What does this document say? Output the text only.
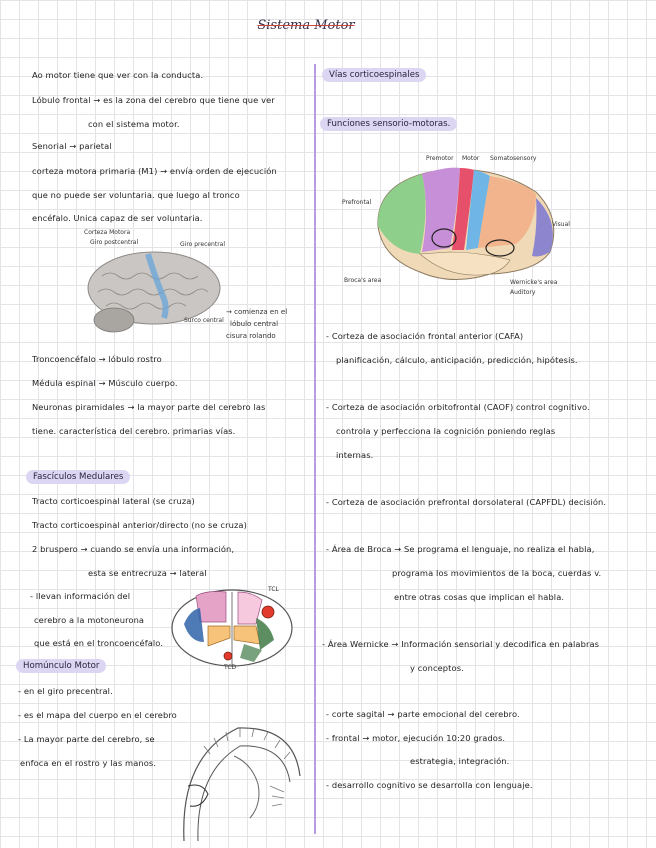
Sistema Motor
Ao motor tiene que ver con la conducta.
Lóbulo frontal → es la zona del cerebro que tiene que ver
con el sistema motor.
Senorial → parietal
corteza motora primaria (M1) → envía orden de ejecución
que no puede ser voluntaria. que luego al tronco
encéfalo. Unica capaz de ser voluntaria.
Corteza Motora
Giro postcentral	Giro precentral
Surco central
→ comienza en el
lóbulo central
cisura rolando
Troncoencéfalo → lóbulo rostro
Médula espinal → Músculo cuerpo.
Neuronas piramidales → la mayor parte del cerebro las
tiene. característica del cerebro. primarias vías.
Fascículos Medulares
Tracto corticoespinal lateral (se cruza)
Tracto corticoespinal anterior/directo (no se cruza)
2 bruspero → cuando se envía una información,
esta se entrecruza → lateral
- llevan información del
cerebro a la motoneurona
que está en el troncoencéfalo.
TCL
TCD
Homúnculo Motor
- en el giro precentral.
- es el mapa del cuerpo en el cerebro
- La mayor parte del cerebro, se
enfoca en el rostro y las manos.
Vías corticoespinales
Funciones sensorio-motoras.
Premotor Motor Somatosensory
Prefrontal
Broca's area	Wernicke's area
Visual
Auditory
- Corteza de asociación frontal anterior (CAFA)
planificación, cálculo, anticipación, predicción, hipótesis.
- Corteza de asociación orbitofrontal (CAOF) control cognitivo.
controla y perfecciona la cognición poniendo reglas
internas.
- Corteza de asociación prefrontal dorsolateral (CAPFDL) decisión.
- Área de Broca → Se programa el lenguaje, no realiza el habla,
programa los movimientos de la boca, cuerdas v.
entre otras cosas que implican el habla.
- Área Wernicke → Información sensorial y decodifica en palabras
y conceptos.
- corte sagital → parte emocional del cerebro.
- frontal → motor, ejecución 10:20 grados.
estrategia, integración.
- desarrollo cognitivo se desarrolla con lenguaje.
